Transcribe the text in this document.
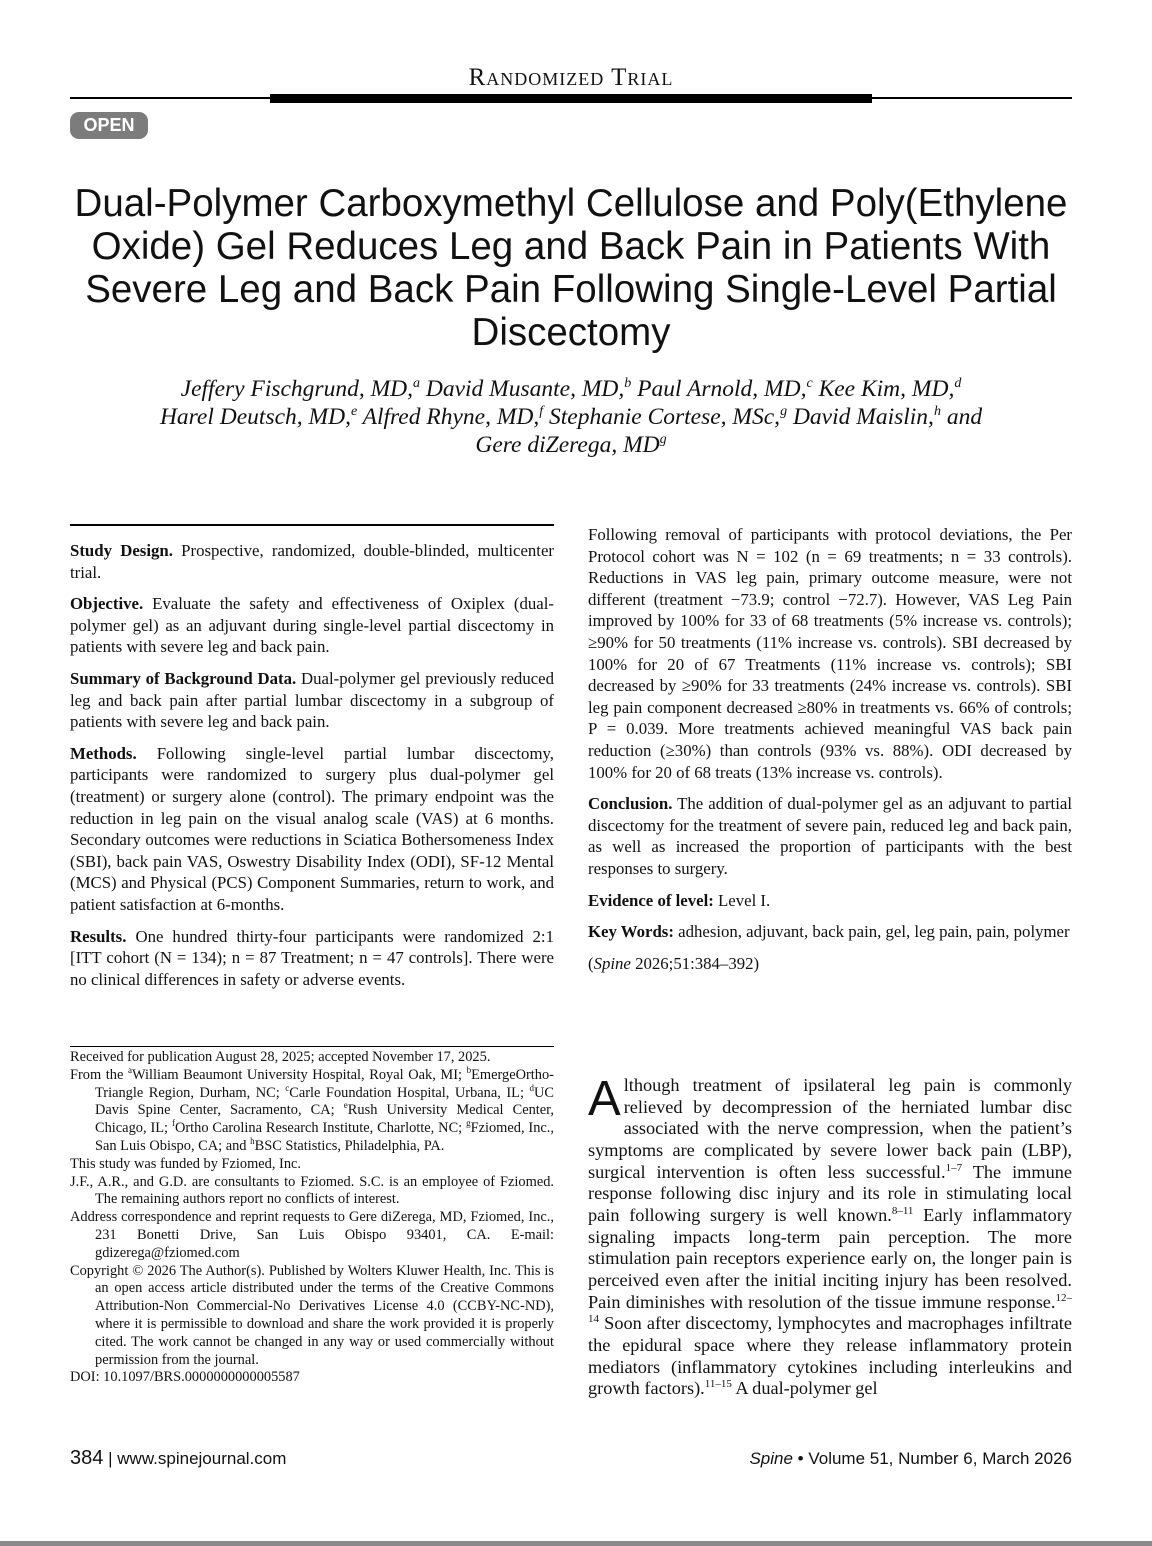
Randomized Trial
OPEN
Dual-Polymer Carboxymethyl Cellulose and Poly(Ethylene Oxide) Gel Reduces Leg and Back Pain in Patients With Severe Leg and Back Pain Following Single-Level Partial Discectomy
Jeffery Fischgrund, MD,$^a$ David Musante, MD,$^b$ Paul Arnold, MD,$^c$ Kee Kim, MD,$^d$
Harel Deutsch, MD,$^e$ Alfred Rhyne, MD,$^f$ Stephanie Cortese, MSc,$^g$ David Maislin,$^h$ and
Gere diZerega, $MD^g$

Study Design. Prospective, randomized, double-blinded, multicenter trial.

Objective. Evaluate the safety and effectiveness of Oxiplex (dual-polymer gel) as an adjuvant during single-level partial discectomy in patients with severe leg and back pain.

Summary of Background Data. Dual-polymer gel previously reduced leg and back pain after partial lumbar discectomy in a subgroup of patients with severe leg and back pain.

Methods. Following single-level partial lumbar discectomy, participants were randomized to surgery plus dual-polymer gel (treatment) or surgery alone (control). The primary endpoint was the reduction in leg pain on the visual analog scale (VAS) at 6 months. Secondary outcomes were reductions in Sciatica Bothersomeness Index (SBI), back pain VAS, Oswestry Disability Index (ODI), SF-12 Mental (MCS) and Physical (PCS) Component Summaries, return to work, and patient satisfaction at 6-months.

Results. One hundred thirty-four participants were randomized 2:1 [ITT cohort (N = 134); n = 87 Treatment; n = 47 controls]. There were no clinical differences in safety or adverse events.

Following removal of participants with protocol deviations, the Per Protocol cohort was N = 102 (n = 69 treatments; n = 33 controls). Reductions in VAS leg pain, primary outcome measure, were not different (treatment −73.9; control −72.7). However, VAS Leg Pain improved by 100% for 33 of 68 treatments (5% increase vs. controls); ≥90% for 50 treatments (11% increase vs. controls). SBI decreased by 100% for 20 of 67 Treatments (11% increase vs. controls); SBI decreased by ≥90% for 33 treatments (24% increase vs. controls). SBI leg pain component decreased ≥80% in treatments vs. 66% of controls; P = 0.039. More treatments achieved meaningful VAS back pain reduction (≥30%) than controls (93% vs. 88%). ODI decreased by 100% for 20 of 68 treats (13% increase vs. controls).

Conclusion. The addition of dual-polymer gel as an adjuvant to partial discectomy for the treatment of severe pain, reduced leg and back pain, as well as increased the proportion of participants with the best responses to surgery.

Evidence of level: Level I.

Key Words: adhesion, adjuvant, back pain, gel, leg pain, pain, polymer

(Spine 2026;51:384–392)

Received for publication August 28, 2025; accepted November 17, 2025.

From the $^a$William Beaumont University Hospital, Royal Oak, MI; $^b$EmergeOrtho-Triangle Region, Durham, NC; $^c$Carle Foundation Hospital, Urbana, IL; $^d$UC Davis Spine Center, Sacramento, CA; $^e$Rush University Medical Center, Chicago, IL; $^f$Ortho Carolina Research Institute, Charlotte, NC; $^g$Fziomed, Inc., San Luis Obispo, CA; and $^h$BSC Statistics, Philadelphia, PA.

This study was funded by Fziomed, Inc.

J.F., A.R., and G.D. are consultants to Fziomed. S.C. is an employee of Fziomed. The remaining authors report no conflicts of interest.

Address correspondence and reprint requests to Gere diZerega, MD, Fziomed, Inc., 231 Bonetti Drive, San Luis Obispo 93401, CA. E-mail: gdizerega@fziomed.com

Copyright © 2026 The Author(s). Published by Wolters Kluwer Health, Inc. This is an open access article distributed under the terms of the Creative Commons Attribution-Non Commercial-No Derivatives License 4.0 (CCBY-NC-ND), where it is permissible to download and share the work provided it is properly cited. The work cannot be changed in any way or used commercially without permission from the journal.

DOI: 10.1097/BRS.0000000000005587

Although treatment of ipsilateral leg pain is commonly relieved by decompression of the herniated lumbar disc associated with the nerve compression, when the patient’s symptoms are complicated by severe lower back pain (LBP), surgical intervention is often less successful.$^{1-7}$ The immune response following disc injury and its role in stimulating local pain following surgery is well known.$^{8-11}$ Early inflammatory signaling impacts long-term pain perception. The more stimulation pain receptors experience early on, the longer pain is perceived even after the initial inciting injury has been resolved. Pain diminishes with resolution of the tissue immune response.$^{12-14}$ Soon after discectomy, lymphocytes and macrophages infiltrate the epidural space where they release inflammatory protein mediators (inflammatory cytokines including interleukins and growth factors).$^{11-15}$ A dual-polymer gel

384 | www.spinejournal.com	Spine • Volume 51, Number 6, March 2026
